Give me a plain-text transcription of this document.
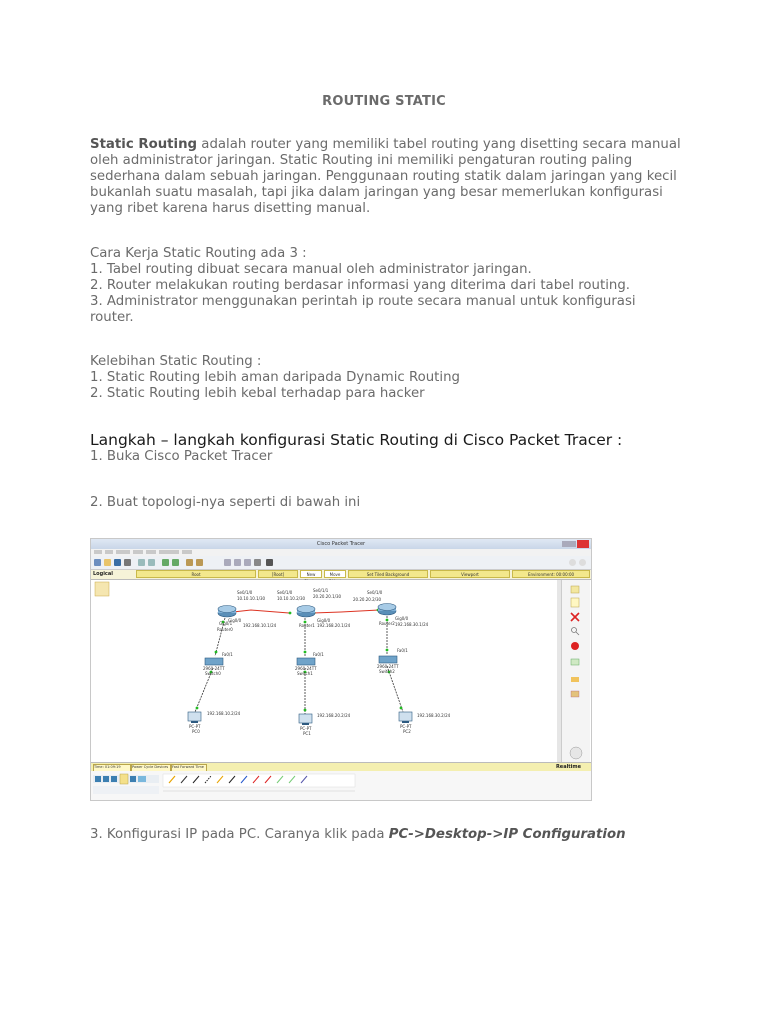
ROUTING STATIC
Static Routing adalah router yang memiliki tabel routing yang disetting secara manual
oleh administrator jaringan. Static Routing ini memiliki pengaturan routing paling
sederhana dalam sebuah jaringan. Penggunaan routing statik dalam jaringan yang kecil
bukanlah suatu masalah, tapi jika dalam jaringan yang besar memerlukan konfigurasi
yang ribet karena harus disetting manual.
Cara Kerja Static Routing ada 3 :
1. Tabel routing dibuat secara manual oleh administrator jaringan.
2. Router melakukan routing berdasar informasi yang diterima dari tabel routing.
3. Administrator menggunakan perintah ip route secara manual untuk konfigurasi
router.
Kelebihan Static Routing :
1. Static Routing lebih aman daripada Dynamic Routing
2. Static Routing lebih kebal terhadap para hacker
Langkah – langkah konfigurasi Static Routing di Cisco Packet Tracer :
1. Buka Cisco Packet Tracer
2. Buat topologi-nya seperti di bawah ini
Cisco Packet Tracer
Logical	Root	[Root]	New	Move	Set Tiled Background	Viewport	Environment: 00:00:00
Se0/1/0
10.10.10.1/30
Gig0/0
192.168.10.1/24
Gig0/1
Router0
Se0/1/0
10.10.10.2/30
Se0/1/1
20.20.20.1/30
Gig0/0
192.168.20.1/24
Router1
Se0/1/0
20.20.20.2/30
Gig0/0
192.168.30.1/24
Router2
Fa0/1
2960-24TT
Switch0
Fa0/1
2960-24TT
Switch1
Fa0/1
2960-24TT
Switch2
192.168.10.2/24
PC-PT
PC0
192.168.20.2/24
PC-PT
PC1
192.168.30.2/24
PC-PT
PC2
Time: 01:09:19	Power Cycle Devices	Fast Forward Time	Realtime
3. Konfigurasi IP pada PC. Caranya klik pada PC->Desktop->IP Configuration
